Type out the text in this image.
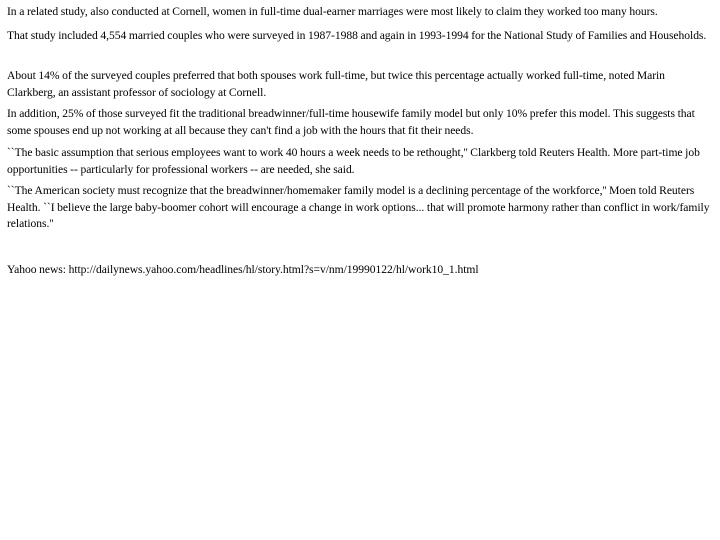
In a related study, also conducted at Cornell, women in full-time dual-earner marriages were most likely to claim they worked too many hours.

That study included 4,554 married couples who were surveyed in 1987-1988 and again in 1993-1994 for the National Study of Families and Households.

About 14% of the surveyed couples preferred that both spouses work full-time, but twice this percentage actually worked full-time, noted Marin Clarkberg, an assistant professor of sociology at Cornell.

In addition, 25% of those surveyed fit the traditional breadwinner/full-time housewife family model but only 10% prefer this model. This suggests that some spouses end up not working at all because they can't find a job with the hours that fit their needs.

``The basic assumption that serious employees want to work 40 hours a week needs to be rethought,'' Clarkberg told Reuters Health. More part-time job opportunities -- particularly for professional workers -- are needed, she said.

``The American society must recognize that the breadwinner/homemaker family model is a declining percentage of the workforce,'' Moen told Reuters Health. ``I believe the large baby-boomer cohort will encourage a change in work options... that will promote harmony rather than conflict in work/family relations.''

Yahoo news: http://dailynews.yahoo.com/headlines/hl/story.html?s=v/nm/19990122/hl/work10_1.html
